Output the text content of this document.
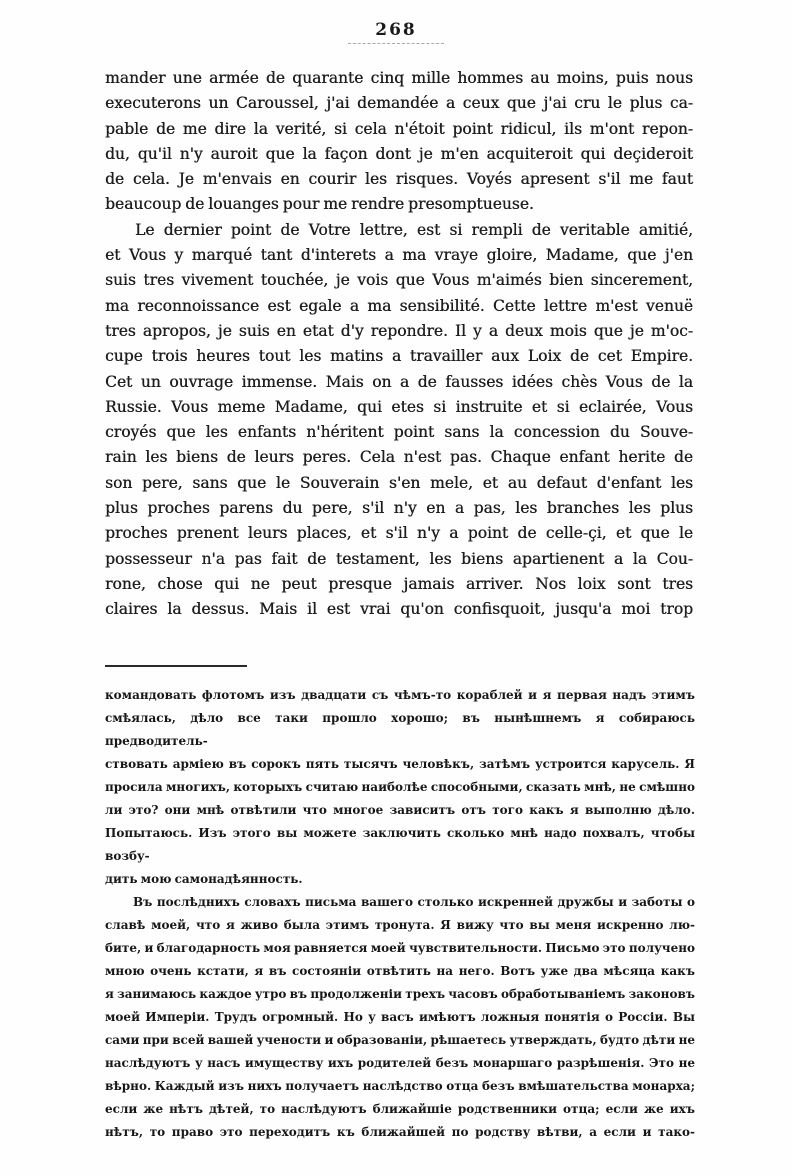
268

mander une armée de quarante cinq mille hommes au moins, puis nous
executerons un Caroussel, j'ai demandée a ceux que j'ai cru le plus ca-
pable de me dire la verité, si cela n'étoit point ridicul, ils m'ont repon-
du, qu'il n'y auroit que la façon dont je m'en acquiteroit qui deçideroit
de cela. Je m'envais en courir les risques. Voyés apresent s'il me faut
beaucoup de louanges pour me rendre presomptueuse.

Le dernier point de Votre lettre, est si rempli de veritable amitié,
et Vous y marqué tant d'interets a ma vraye gloire, Madame, que j'en
suis tres vivement touchée, je vois que Vous m'aimés bien sincerement,
ma reconnoissance est egale a ma sensibilité. Cette lettre m'est venuë
tres apropos, je suis en etat d'y repondre. Il y a deux mois que je m'oc-
cupe trois heures tout les matins a travailler aux Loix de cet Empire.
Cet un ouvrage immense. Mais on a de fausses idées chès Vous de la
Russie. Vous meme Madame, qui etes si instruite et si eclairée, Vous
croyés que les enfants n'héritent point sans la concession du Souve-
rain les biens de leurs peres. Cela n'est pas. Chaque enfant herite de
son pere, sans que le Souverain s'en mele, et au defaut d'enfant les
plus proches parens du pere, s'il n'y en a pas, les branches les plus
proches prenent leurs places, et s'il n'y a point de celle-çi, et que le
possesseur n'a pas fait de testament, les biens apartienent a la Cou-
rone, chose qui ne peut presque jamais arriver. Nos loix sont tres
claires la dessus. Mais il est vrai qu'on confisquoit, jusqu'a moi trop

командовать флотомъ изъ двадцати съ чѣмъ-то кораблей и я первая надъ этимъ
смѣялась, дѣло все таки прошло хорошо; въ нынѣшнемъ я собираюсь предводитель-
ствовать арміею въ сорокъ пять тысячъ человѣкъ, затѣмъ устроится карусель. Я
просила многихъ, которыхъ считаю наиболѣе способными, сказать мнѣ, не смѣшно
ли это? они мнѣ отвѣтили что многое зависитъ отъ того какъ я выполню дѣло.
Попытаюсь. Изъ этого вы можете заключить сколько мнѣ надо похвалъ, чтобы возбу-
дить мою самонадѣянность.

Въ послѣднихъ словахъ письма вашего столько искренней дружбы и заботы о
славѣ моей, что я живо была этимъ тронута. Я вижу что вы меня искренно лю-
бите, и благодарность моя равняется моей чувствительности. Письмо это получено
мною очень кстати, я въ состояніи отвѣтить на него. Вотъ уже два мѣсяца какъ
я занимаюсь каждое утро въ продолженіи трехъ часовъ обработываніемъ законовъ
моей Имперіи. Трудъ огромный. Но у васъ имѣютъ ложныя понятія о Россіи. Вы
сами при всей вашей учености и образованіи, рѣшаетесь утверждать, будто дѣти не
наслѣдуютъ у насъ имуществу ихъ родителей безъ монаршаго разрѣшенія. Это не
вѣрно. Каждый изъ нихъ получаетъ наслѣдство отца безъ вмѣшательства монарха;
если же нѣтъ дѣтей, то наслѣдуютъ ближайшіе родственники отца; если же ихъ
нѣтъ, то право это переходитъ къ ближайшей по родству вѣтви, а если и тако-
